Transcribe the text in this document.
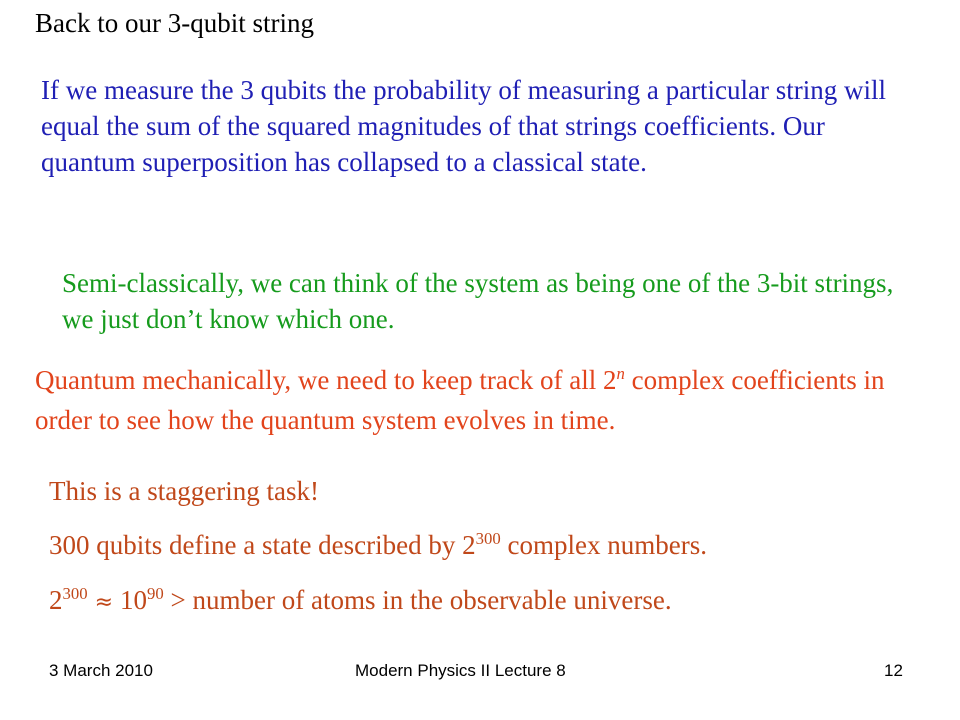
Back to our 3-qubit string

If we measure the 3 qubits the probability of measuring a particular string will equal the sum of the squared magnitudes of that strings coefficients. Our quantum superposition has collapsed to a classical state.

Semi-classically, we can think of the system as being one of the 3-bit strings, we just don’t know which one.

Quantum mechanically, we need to keep track of all 2$^n$ complex coefficients in order to see how the quantum system evolves in time.

This is a staggering task!
300 qubits define a state described by $2^{300}$ complex numbers.
$2^{300} \approx 10^{90}$ > number of atoms in the observable universe.
3 March 2010	Modern Physics II Lecture 8	12
